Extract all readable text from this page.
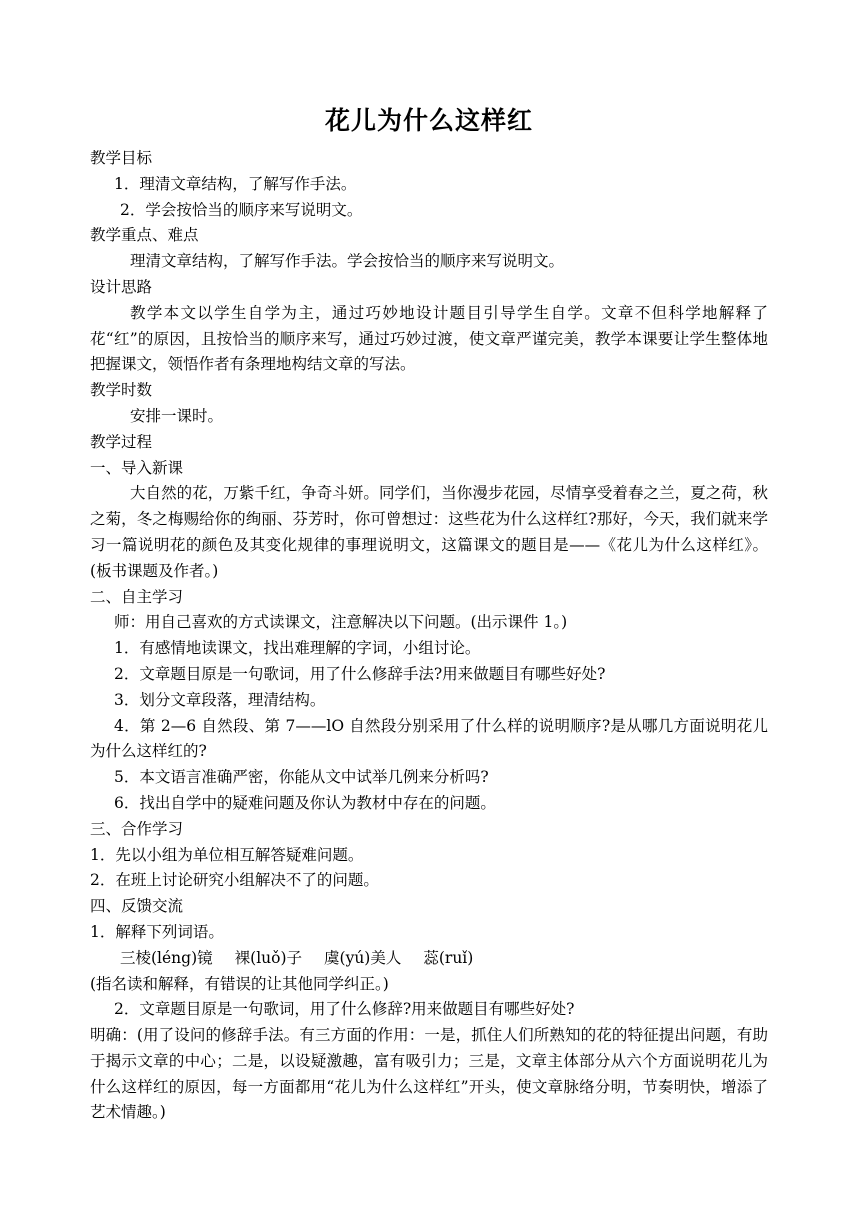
花儿为什么这样红
教学目标
1．理清文章结构，了解写作手法。
2．学会按恰当的顺序来写说明文。
教学重点、难点
理清文章结构，了解写作手法。学会按恰当的顺序来写说明文。
设计思路
教学本文以学生自学为主，通过巧妙地设计题目引导学生自学。文章不但科学地解释了花“红”的原因，且按恰当的顺序来写，通过巧妙过渡，使文章严谨完美，教学本课要让学生整体地把握课文，领悟作者有条理地构结文章的写法。
教学时数
安排一课时。
教学过程
一、导入新课
大自然的花，万紫千红，争奇斗妍。同学们，当你漫步花园，尽情享受着春之兰，夏之荷，秋之菊，冬之梅赐给你的绚丽、芬芳时，你可曾想过：这些花为什么这样红?那好，今天，我们就来学习一篇说明花的颜色及其变化规律的事理说明文，这篇课文的题目是——《花儿为什么这样红》。(板书课题及作者。)
二、自主学习
师：用自己喜欢的方式读课文，注意解决以下问题。(出示课件 1。)
1．有感情地读课文，找出难理解的字词，小组讨论。
2．文章题目原是一句歌词，用了什么修辞手法?用来做题目有哪些好处?
3．划分文章段落，理清结构。
4．第 2—6 自然段、第 7——lO 自然段分别采用了什么样的说明顺序?是从哪几方面说明花儿为什么这样红的?
5．本文语言准确严密，你能从文中试举几例来分析吗?
6．找出自学中的疑难问题及你认为教材中存在的问题。
三、合作学习
1．先以小组为单位相互解答疑难问题。
2．在班上讨论研究小组解决不了的问题。
四、反馈交流
1．解释下列词语。
三棱(léng)镜 裸(luǒ)子 虞(yú)美人 蕊(ruǐ)
(指名读和解释，有错误的让其他同学纠正。)
2．文章题目原是一句歌词，用了什么修辞?用来做题目有哪些好处?
明确：(用了设问的修辞手法。有三方面的作用：一是，抓住人们所熟知的花的特征提出问题，有助于揭示文章的中心；二是，以设疑激趣，富有吸引力；三是，文章主体部分从六个方面说明花儿为什么这样红的原因，每一方面都用“花儿为什么这样红”开头，使文章脉络分明，节奏明快，增添了艺术情趣。)
